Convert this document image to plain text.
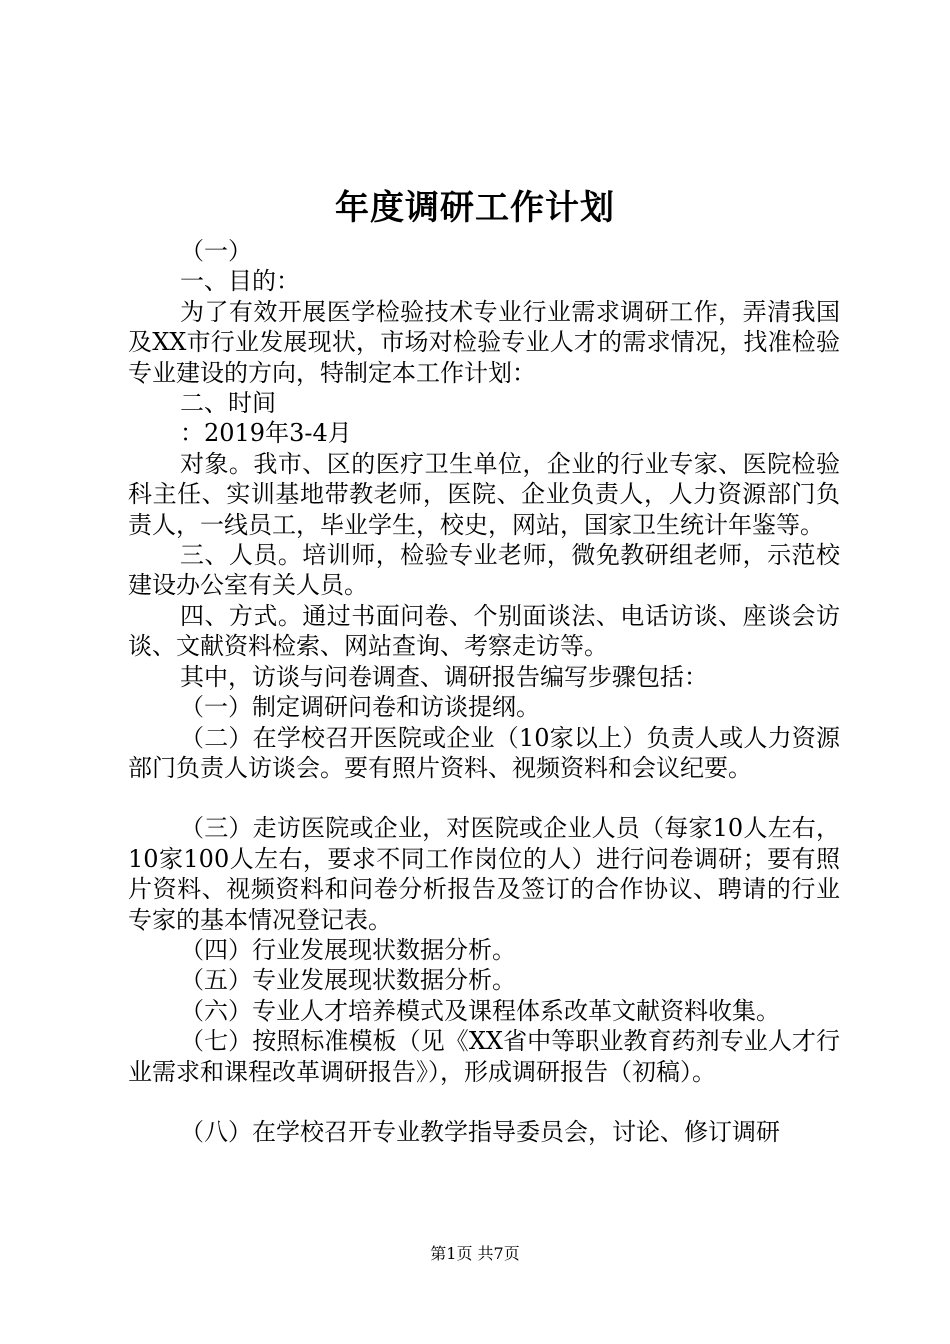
年度调研工作计划

（一）

一、目的：

为了有效开展医学检验技术专业行业需求调研工作，弄清我国及XX市行业发展现状，市场对检验专业人才的需求情况，找准检验专业建设的方向，特制定本工作计划：

二、时间

：2019年3-4月

对象。我市、区的医疗卫生单位，企业的行业专家、医院检验科主任、实训基地带教老师，医院、企业负责人，人力资源部门负责人，一线员工，毕业学生，校史，网站，国家卫生统计年鉴等。

三、人员。培训师，检验专业老师，微免教研组老师，示范校建设办公室有关人员。

四、方式。通过书面问卷、个别面谈法、电话访谈、座谈会访谈、文献资料检索、网站查询、考察走访等。

其中，访谈与问卷调查、调研报告编写步骤包括：

（一）制定调研问卷和访谈提纲。

（二）在学校召开医院或企业（10家以上）负责人或人力资源部门负责人访谈会。要有照片资料、视频资料和会议纪要。

（三）走访医院或企业，对医院或企业人员（每家10人左右，10家100人左右，要求不同工作岗位的人）进行问卷调研；要有照片资料、视频资料和问卷分析报告及签订的合作协议、聘请的行业专家的基本情况登记表。

（四）行业发展现状数据分析。

（五）专业发展现状数据分析。

（六）专业人才培养模式及课程体系改革文献资料收集。

（七）按照标准模板（见《XX省中等职业教育药剂专业人才行业需求和课程改革调研报告》），形成调研报告（初稿）。

（八）在学校召开专业教学指导委员会，讨论、修订调研

第1页 共7页
